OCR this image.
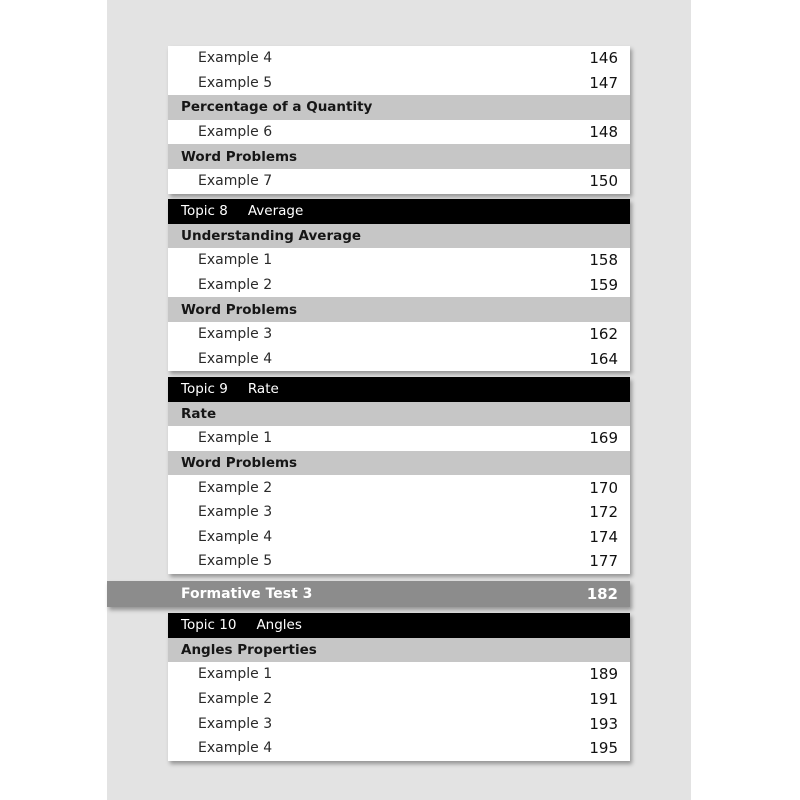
Example 4	146
Example 5	147
Percentage of a Quantity
Example 6	148
Word Problems
Example 7	150
Topic 8 Average
Understanding Average
Example 1	158
Example 2	159
Word Problems
Example 3	162
Example 4	164
Topic 9 Rate
Rate
Example 1	169
Word Problems
Example 2	170
Example 3	172
Example 4	174
Example 5	177
Formative Test 3	182
Topic 10 Angles
Angles Properties
Example 1	189
Example 2	191
Example 3	193
Example 4	195
